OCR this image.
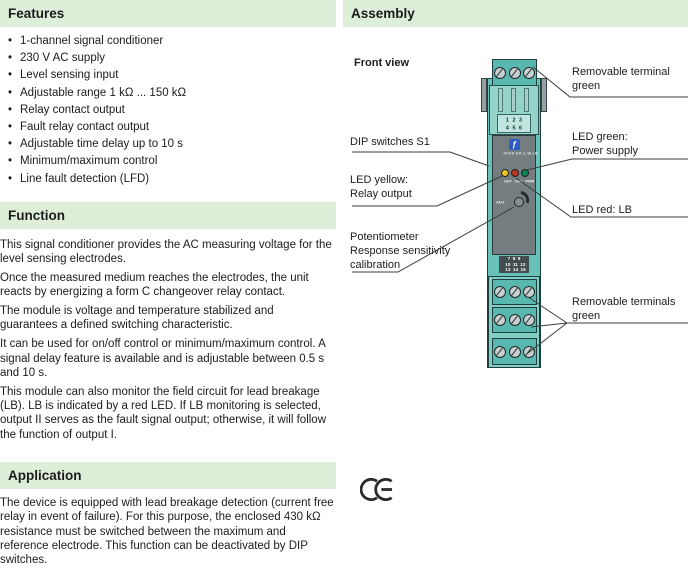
Features
• 1-channel signal conditioner
• 230 V AC supply
• Level sensing input
• Adjustable range 1 kΩ ... 150 kΩ
• Relay contact output
• Fault relay contact output
• Adjustable time delay up to 10 s
• Minimum/maximum control
• Line fault detection (LFD)
Function

This signal conditioner provides the AC measuring voltage for the level sensing electrodes.

Once the measured medium reaches the electrodes, the unit reacts by energizing a form C changeover relay contact.

The module is voltage and temperature stabilized and guarantees a defined switching characteristic.

It can be used for on/off control or minimum/maximum control. A signal delay feature is available and is adjustable between 0.5 s and 10 s.

This module can also monitor the field circuit for lead breakage (LB). LB is indicated by a red LED. If LB monitoring is selected, output II serves as the fault signal output; otherwise, it will follow the function of output I.

Application

The device is equipped with lead breakage detection (current free relay in event of failure). For this purpose, the enclosed 430 kΩ resistance must be switched between the maximum and reference electrode. This function can be deactivated by DIP switches.

Assembly
Front view
1 2 3
4 5 6
ƒ
KFA6-ER-1.W.LB
OUT CHK PWR
ADJ.
7 8 9
10 11 12
13 14 15
DIP switches S1
LED yellow:
Relay output
Potentiometer
Response sensitivity
calibration
Removable terminal
green
LED green:
Power supply
LED red: LB
Removable terminals
green
